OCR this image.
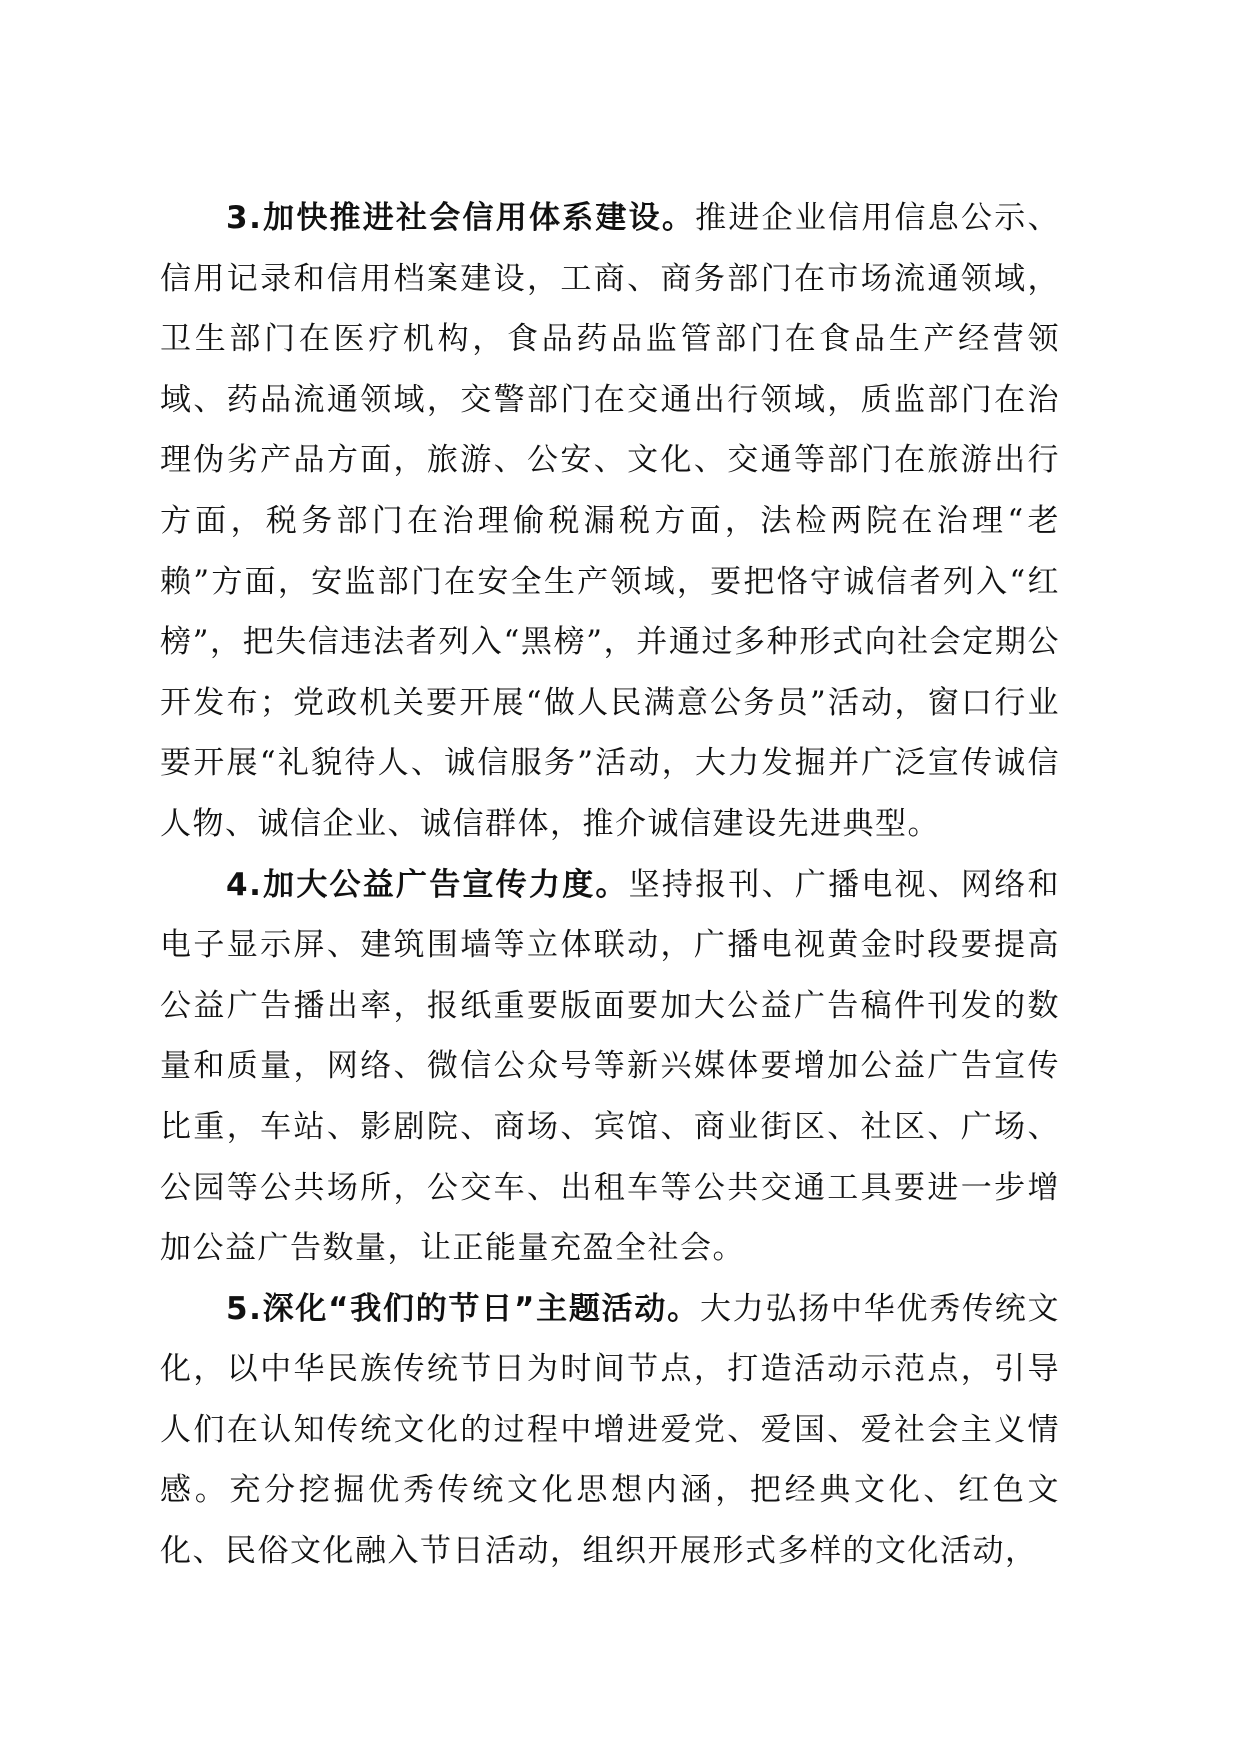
3.加快推进社会信用体系建设。推进企业信用信息公示、信用记录和信用档案建设，工商、商务部门在市场流通领域，卫生部门在医疗机构，食品药品监管部门在食品生产经营领域、药品流通领域，交警部门在交通出行领域，质监部门在治理伪劣产品方面，旅游、公安、文化、交通等部门在旅游出行方面，税务部门在治理偷税漏税方面，法检两院在治理“老赖”方面，安监部门在安全生产领域，要把恪守诚信者列入“红榜”，把失信违法者列入“黑榜”，并通过多种形式向社会定期公开发布；党政机关要开展“做人民满意公务员”活动，窗口行业要开展“礼貌待人、诚信服务”活动，大力发掘并广泛宣传诚信人物、诚信企业、诚信群体，推介诚信建设先进典型。

4.加大公益广告宣传力度。坚持报刊、广播电视、网络和电子显示屏、建筑围墙等立体联动，广播电视黄金时段要提高公益广告播出率，报纸重要版面要加大公益广告稿件刊发的数量和质量，网络、微信公众号等新兴媒体要增加公益广告宣传比重，车站、影剧院、商场、宾馆、商业街区、社区、广场、公园等公共场所，公交车、出租车等公共交通工具要进一步增加公益广告数量，让正能量充盈全社会。

5.深化“我们的节日”主题活动。大力弘扬中华优秀传统文化，以中华民族传统节日为时间节点，打造活动示范点，引导人们在认知传统文化的过程中增进爱党、爱国、爱社会主义情感。充分挖掘优秀传统文化思想内涵，把经典文化、红色文化、民俗文化融入节日活动，组织开展形式多样的文化活动，
